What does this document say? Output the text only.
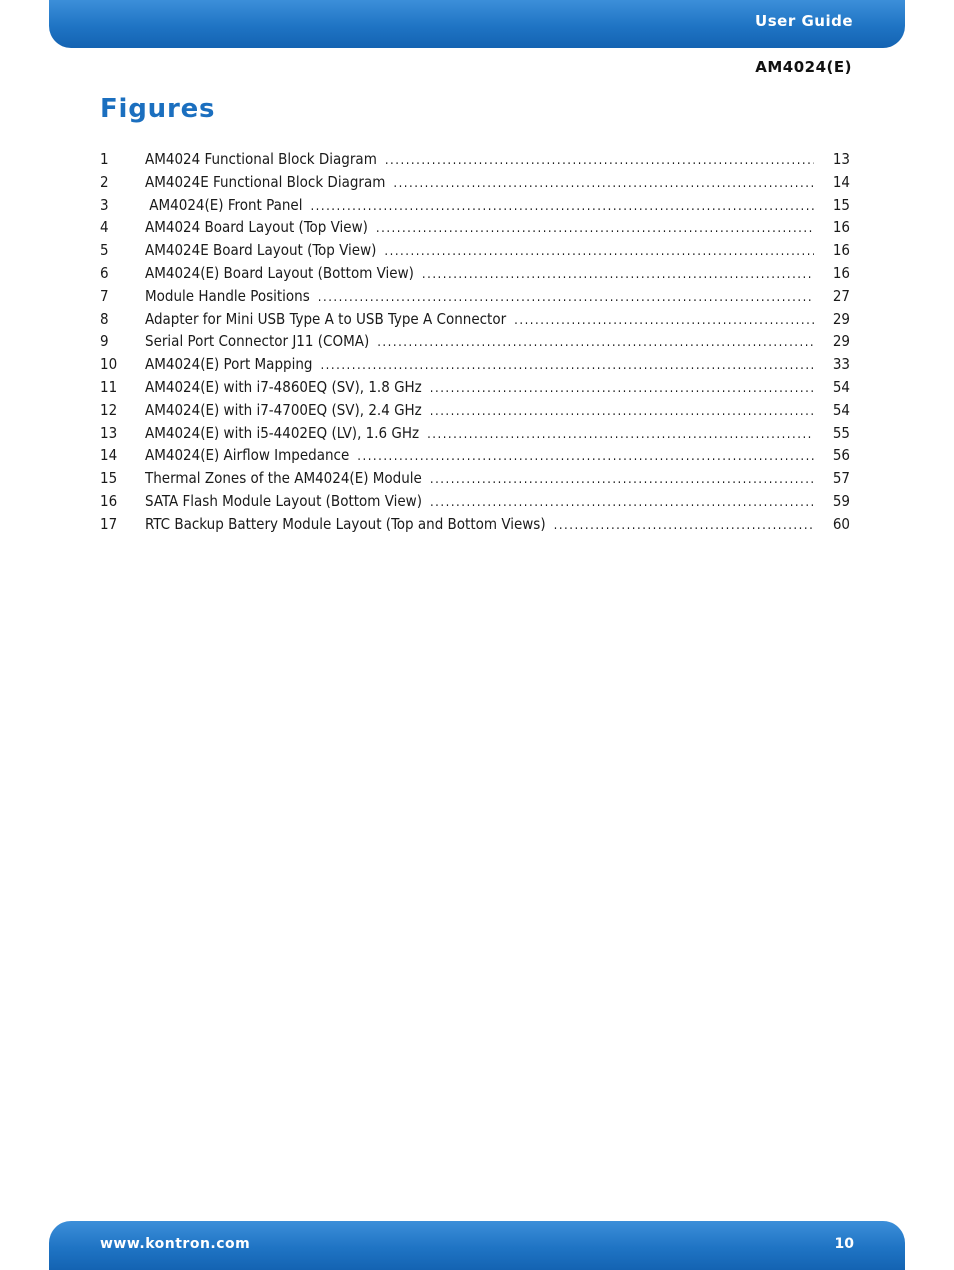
User Guide
AM4024(E)
Figures
1	AM4024 Functional Block Diagram .....	13
2	AM4024E Functional Block Diagram .....	14
3	AM4024(E) Front Panel .....	15
4	AM4024 Board Layout (Top View) .....	16
5	AM4024E Board Layout (Top View) .....	16
6	AM4024(E) Board Layout (Bottom View) .....	16
7	Module Handle Positions .....	27
8	Adapter for Mini USB Type A to USB Type A Connector .....	29
9	Serial Port Connector J11 (COMA) .....	29
10	AM4024(E) Port Mapping .....	33
11	AM4024(E) with i7-4860EQ (SV), 1.8 GHz .....	54
12	AM4024(E) with i7-4700EQ (SV), 2.4 GHz .....	54
13	AM4024(E) with i5-4402EQ (LV), 1.6 GHz .....	55
14	AM4024(E) Airflow Impedance .....	56
15	Thermal Zones of the AM4024(E) Module .....	57
16	SATA Flash Module Layout (Bottom View) .....	59
17	RTC Backup Battery Module Layout (Top and Bottom Views) .....	60
www.kontron.com	10
